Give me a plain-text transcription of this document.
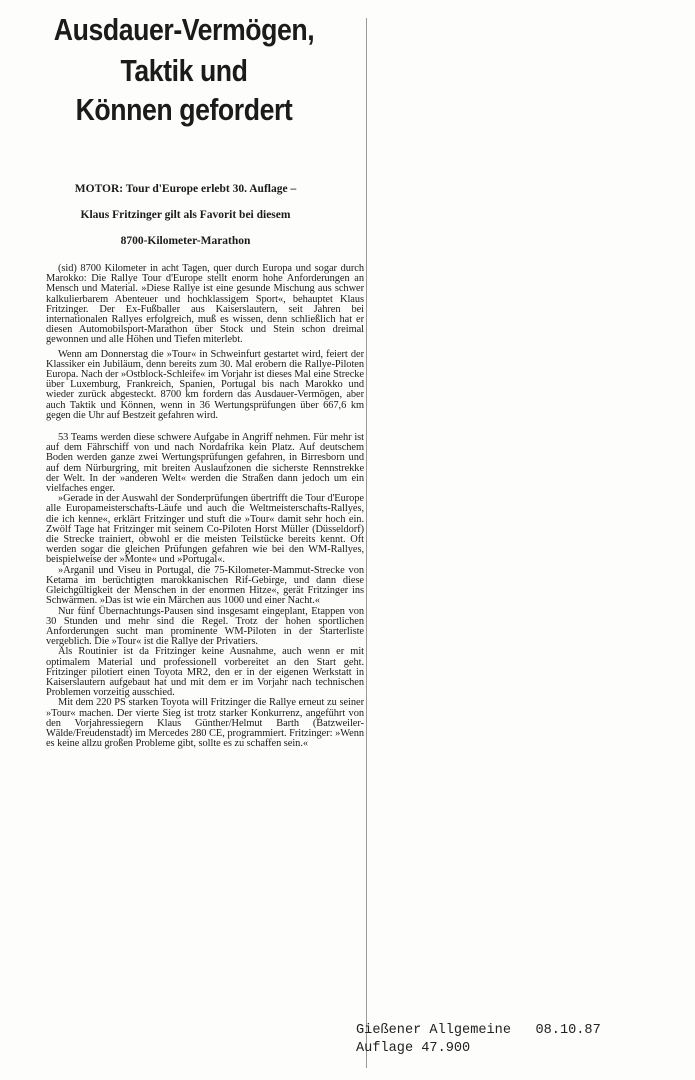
Ausdauer-Vermögen,
Taktik und
Können gefordert
MOTOR: Tour d'Europe erlebt 30. Auflage –
Klaus Fritzinger gilt als Favorit bei diesem
8700-Kilometer-Marathon

(sid) 8700 Kilometer in acht Tagen, quer durch Europa und sogar durch Marokko: Die Rallye Tour d'Europe stellt enorm hohe Anforderungen an Mensch und Material. »Diese Rallye ist eine gesunde Mischung aus schwer kalkulierbarem Abenteuer und hochklassigem Sport«, behauptet Klaus Fritzinger. Der Ex-Fußballer aus Kaiserslautern, seit Jahren bei internationalen Rallyes erfolgreich, muß es wissen, denn schließlich hat er diesen Automobilsport-Marathon über Stock und Stein schon dreimal gewonnen und alle Höhen und Tiefen miterlebt.

Wenn am Donnerstag die »Tour« in Schweinfurt gestartet wird, feiert der Klassiker ein Jubiläum, denn bereits zum 30. Mal erobern die Rallye-Piloten Europa. Nach der »Ostblock-Schleife« im Vorjahr ist dieses Mal eine Strecke über Luxemburg, Frankreich, Spanien, Portugal bis nach Marokko und wieder zurück abgesteckt. 8700 km fordern das Ausdauer-Vermögen, aber auch Taktik und Können, wenn in 36 Wertungsprüfungen über 667,6 km gegen die Uhr auf Bestzeit gefahren wird.

53 Teams werden diese schwere Aufgabe in Angriff nehmen. Für mehr ist auf dem Fährschiff von und nach Nordafrika kein Platz. Auf deutschem Boden werden ganze zwei Wertungsprüfungen gefahren, in Birresborn und auf dem Nürburgring, mit breiten Auslaufzonen die sicherste Rennstrekke der Welt. In der »anderen Welt« werden die Straßen dann jedoch um ein vielfaches enger.

»Gerade in der Auswahl der Sonderprüfungen übertrifft die Tour d'Europe alle Europameisterschafts-Läufe und auch die Weltmeisterschafts-Rallyes, die ich kenne«, erklärt Fritzinger und stuft die »Tour« damit sehr hoch ein. Zwölf Tage hat Fritzinger mit seinem Co-Piloten Horst Müller (Düsseldorf) die Strecke trainiert, obwohl er die meisten Teilstücke bereits kennt. Oft werden sogar die gleichen Prüfungen gefahren wie bei den WM-Rallyes, beispielweise der »Monte« und »Portugal«.

»Arganil und Viseu in Portugal, die 75-Kilometer-Mammut-Strecke von Ketama im berüchtigten marokkanischen Rif-Gebirge, und dann diese Gleichgültigkeit der Menschen in der enormen Hitze«, gerät Fritzinger ins Schwärmen. »Das ist wie ein Märchen aus 1000 und einer Nacht.«

Nur fünf Übernachtungs-Pausen sind insgesamt eingeplant, Etappen von 30 Stunden und mehr sind die Regel. Trotz der hohen sportlichen Anforderungen sucht man prominente WM-Piloten in der Starterliste vergeblich. Die »Tour« ist die Rallye der Privatiers.

Als Routinier ist da Fritzinger keine Ausnahme, auch wenn er mit optimalem Material und professionell vorbereitet an den Start geht. Fritzinger pilotiert einen Toyota MR2, den er in der eigenen Werkstatt in Kaiserslautern aufgebaut hat und mit dem er im Vorjahr nach technischen Problemen vorzeitig ausschied.

Mit dem 220 PS starken Toyota will Fritzinger die Rallye erneut zu seiner »Tour« machen. Der vierte Sieg ist trotz starker Konkurrenz, angeführt von den Vorjahressiegern Klaus Günther/Helmut Barth (Batzweiler-Wälde/Freudenstadt) im Mercedes 280 CE, programmiert. Fritzinger: »Wenn es keine allzu großen Probleme gibt, sollte es zu schaffen sein.«

Gießener Allgemeine 08.10.87
Auflage 47.900
